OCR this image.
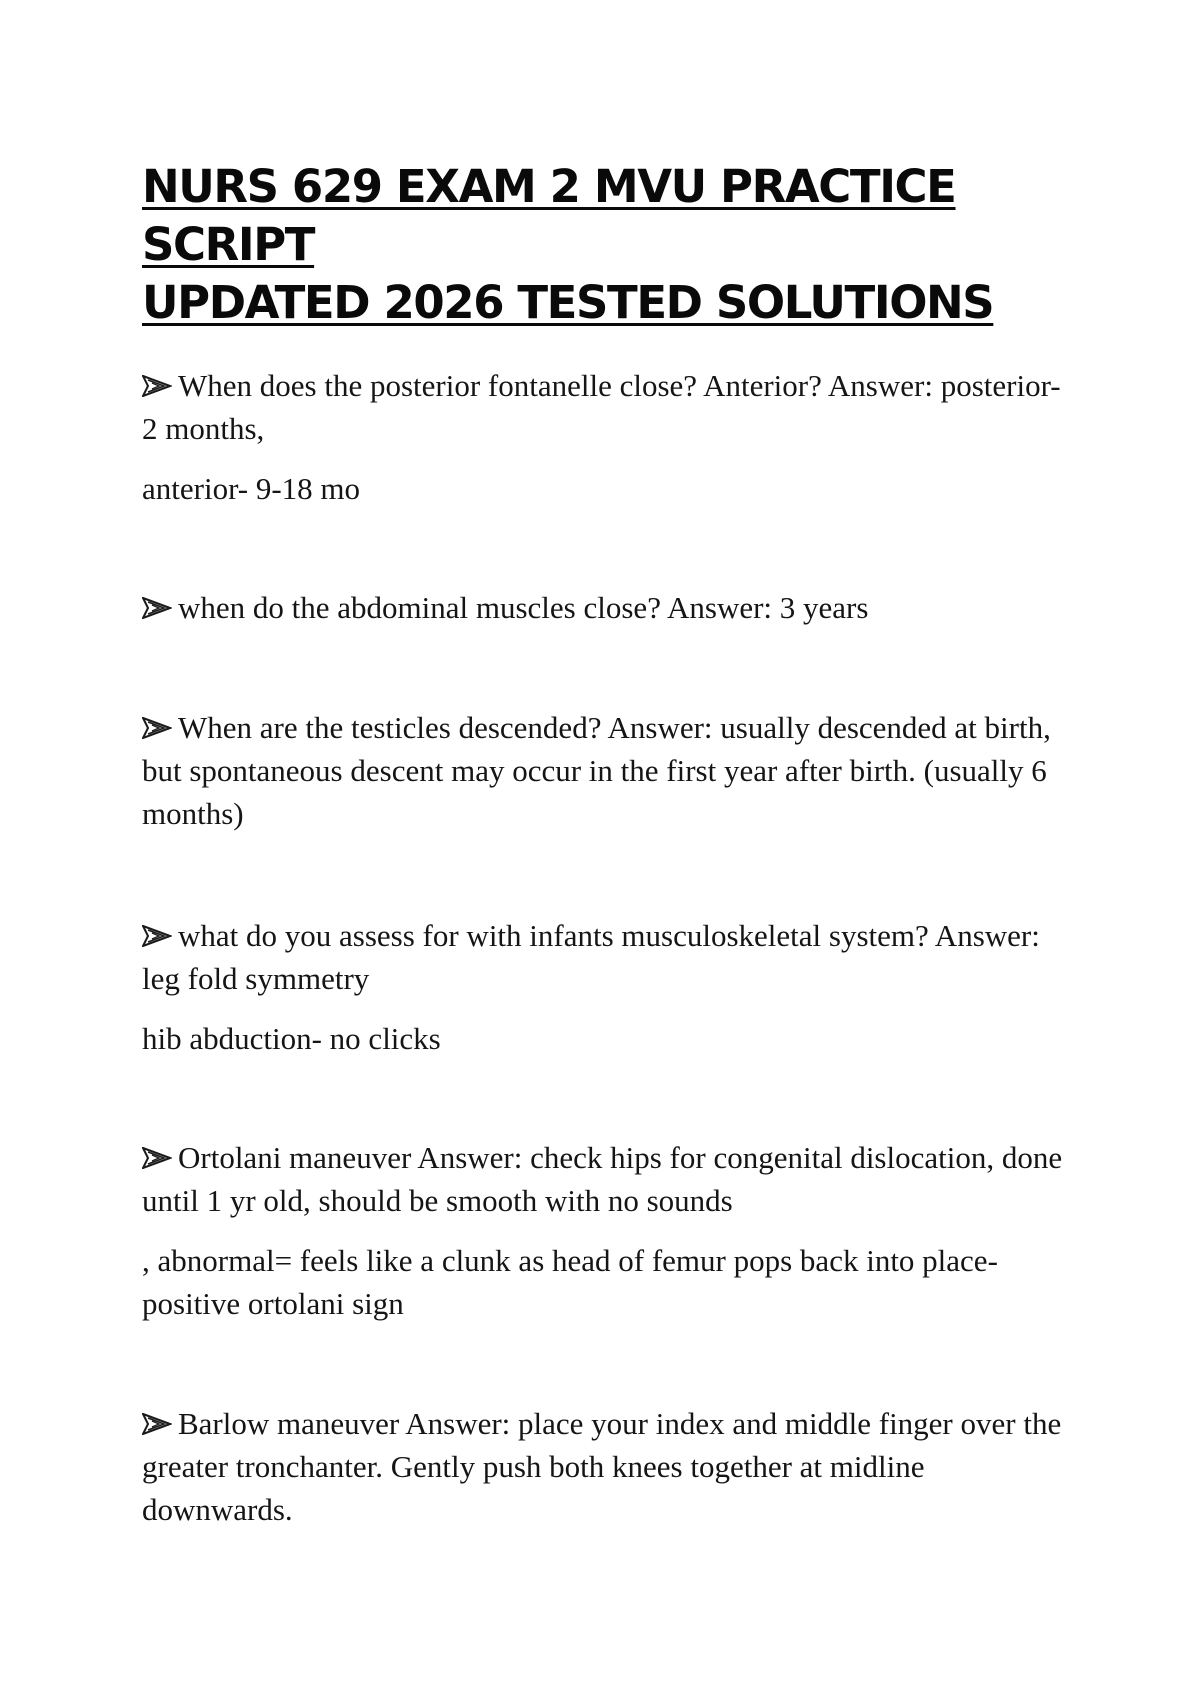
NURS 629 EXAM 2 MVU PRACTICE SCRIPT
UPDATED 2026 TESTED SOLUTIONS

When does the posterior fontanelle close? Anterior? Answer: posterior- 2 months,

anterior- 9-18 mo

when do the abdominal muscles close? Answer: 3 years

When are the testicles descended? Answer: usually descended at birth, but spontaneous descent may occur in the first year after birth. (usually 6 months)

what do you assess for with infants musculoskeletal system? Answer: leg fold symmetry

hib abduction- no clicks

Ortolani maneuver Answer: check hips for congenital dislocation, done until 1 yr old, should be smooth with no sounds

, abnormal= feels like a clunk as head of femur pops back into place- positive ortolani sign

Barlow maneuver Answer: place your index and middle finger over the greater tronchanter. Gently push both knees together at midline downwards.
